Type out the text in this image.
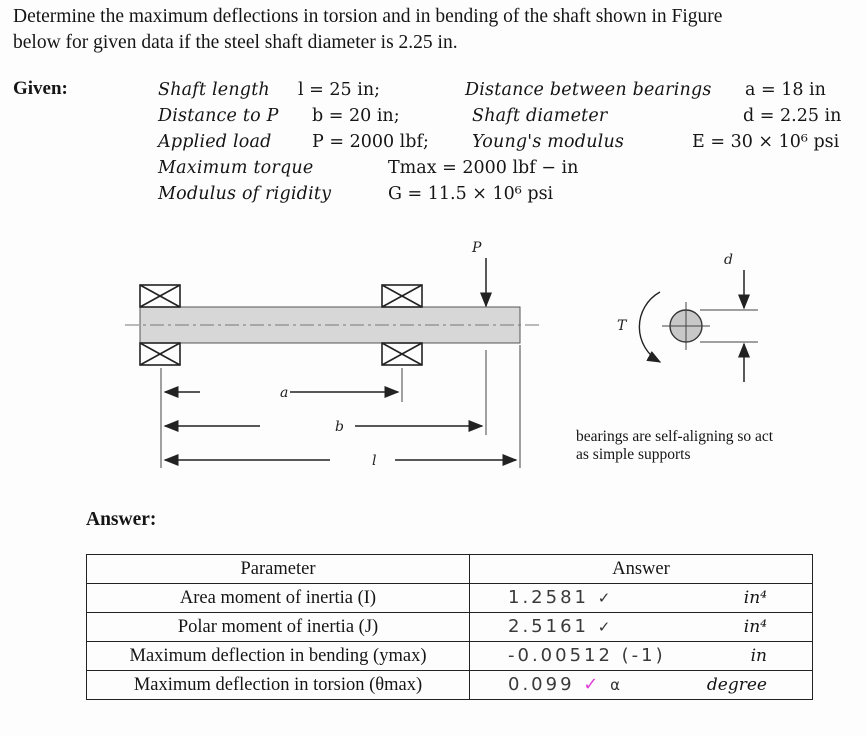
Determine the maximum deflections in torsion and in bending of the shaft shown in Figure
below for given data if the steel shaft diameter is 2.25 in.
Given:	Shaft length l = 25 in;
Distance to P b = 20 in;
Applied load P = 2000 lbf;
Maximum torque	Tmax = 2000 lbf − in
Modulus of rigidity	G = 11.5 × 10⁶ psi
Distance between bearings a = 18 in
Shaft diameter	d = 2.25 in
Young's modulus	E = 30 × 10⁶ psi
P
a
b
l
d
T
bearings are self-aligning so act as simple supports
Answer:
Parameter	Answer
Area moment of inertia (I)	1.2581 ✓ in⁴

Polar moment of inertia (J)	2.5161 ✓ in⁴

Maximum deflection in bending (ymax)	-0.00512 (-1) in

Maximum deflection in torsion (θmax)	0.099 ✓ α degree
